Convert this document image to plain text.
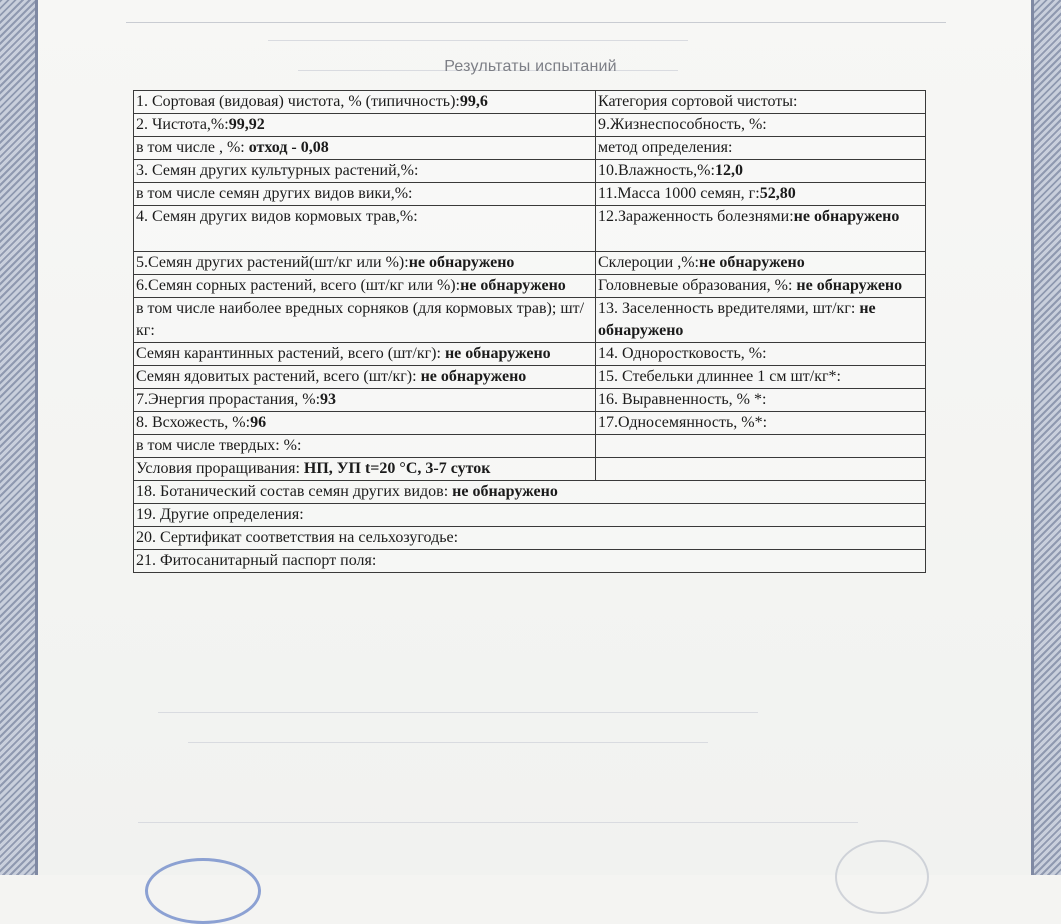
Результаты испытаний
1. Сортовая (видовая) чистота, % (типичность):99,6	Категория сортовой чистоты:
2. Чистота,%:99,92	9.Жизнеспособность, %:
в том числе , %: отход - 0,08	метод определения:
3. Семян других культурных растений,%:	10.Влажность,%:12,0
в том числе семян других видов вики,%:	11.Масса 1000 семян, г:52,80
4. Семян других видов кормовых трав,%:	12.Зараженность болезнями:не обнаружено
5.Семян других растений(шт/кг или %):не обнаружено	Склероции ,%:не обнаружено
6.Семян сорных растений, всего (шт/кг или %):не обнаружено	Головневые образования, %: не обнаружено
в том числе наиболее вредных сорняков (для кормовых трав); шт/кг:	13. Заселенность вредителями, шт/кг: не обнаружено
Семян карантинных растений, всего (шт/кг): не обнаружено	14. Одноростковость, %:
Семян ядовитых растений, всего (шт/кг): не обнаружено	15. Стебельки длиннее 1 см шт/кг*:
7.Энергия прорастания, %:93	16. Выравненность, % *:
8. Всхожесть, %:96	17.Односемянность, %*:
в том числе твердых: %:	
Условия проращивания: НП, УП t=20 °C, 3-7 суток	
18. Ботанический состав семян других видов: не обнаружено	
19. Другие определения:	
20. Сертификат соответствия на сельхозугодье:	
21. Фитосанитарный паспорт поля:	
